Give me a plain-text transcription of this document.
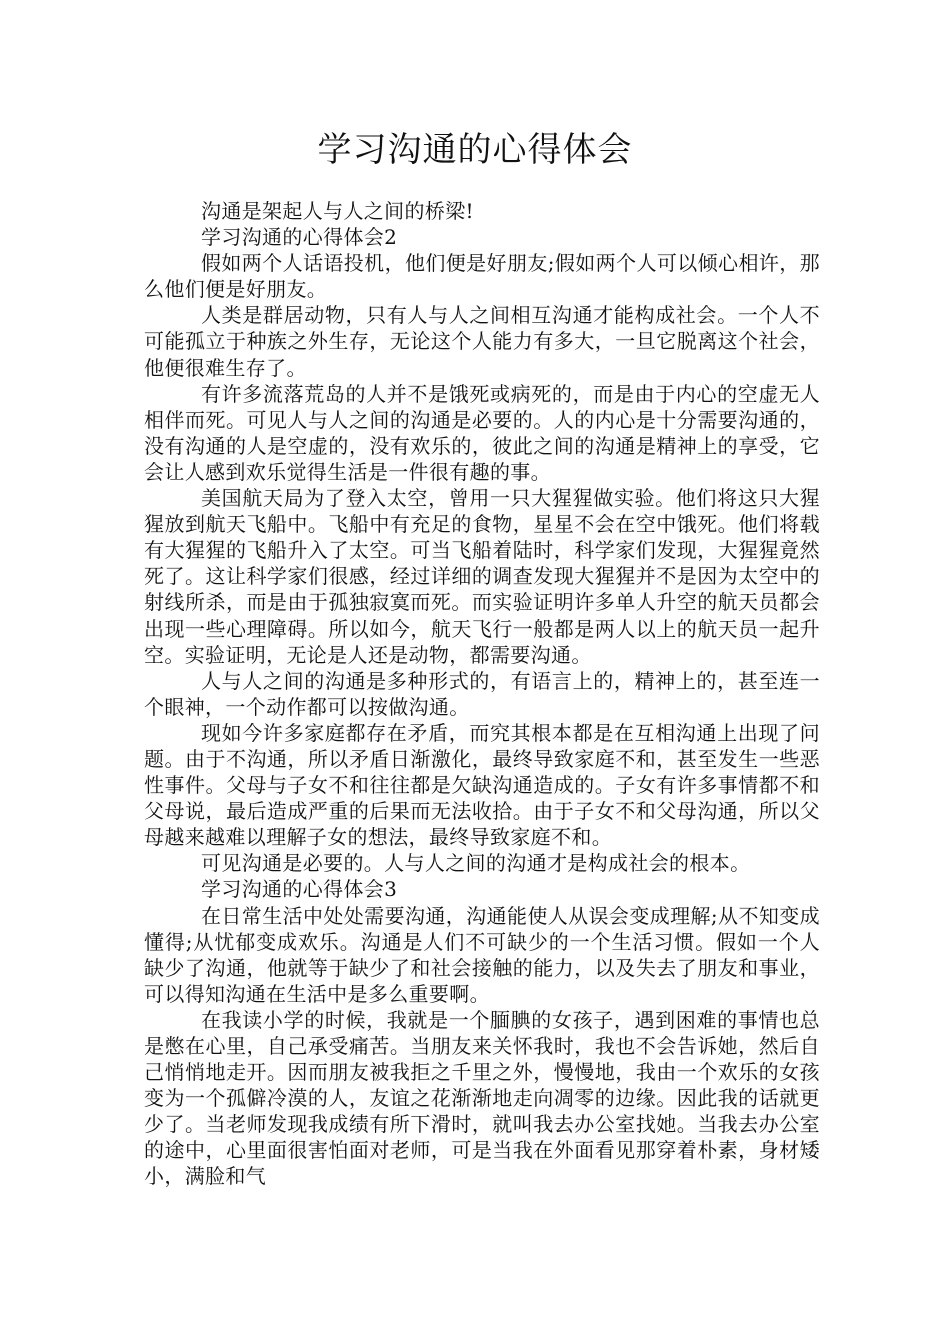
学习沟通的心得体会

沟通是架起人与人之间的桥梁!

学习沟通的心得体会2

假如两个人话语投机，他们便是好朋友;假如两个人可以倾心相许，那么他们便是好朋友。

人类是群居动物，只有人与人之间相互沟通才能构成社会。一个人不可能孤立于种族之外生存，无论这个人能力有多大，一旦它脱离这个社会，他便很难生存了。

有许多流落荒岛的人并不是饿死或病死的，而是由于内心的空虚无人相伴而死。可见人与人之间的沟通是必要的。人的内心是十分需要沟通的，没有沟通的人是空虚的，没有欢乐的，彼此之间的沟通是精神上的享受，它会让人感到欢乐觉得生活是一件很有趣的事。

美国航天局为了登入太空，曾用一只大猩猩做实验。他们将这只大猩猩放到航天飞船中。飞船中有充足的食物，星星不会在空中饿死。他们将载有大猩猩的飞船升入了太空。可当飞船着陆时，科学家们发现，大猩猩竟然死了。这让科学家们很感，经过详细的调查发现大猩猩并不是因为太空中的射线所杀，而是由于孤独寂寞而死。而实验证明许多单人升空的航天员都会出现一些心理障碍。所以如今，航天飞行一般都是两人以上的航天员一起升空。实验证明，无论是人还是动物，都需要沟通。

人与人之间的沟通是多种形式的，有语言上的，精神上的，甚至连一个眼神，一个动作都可以按做沟通。

现如今许多家庭都存在矛盾，而究其根本都是在互相沟通上出现了问题。由于不沟通，所以矛盾日渐激化，最终导致家庭不和，甚至发生一些恶性事件。父母与子女不和往往都是欠缺沟通造成的。子女有许多事情都不和父母说，最后造成严重的后果而无法收拾。由于子女不和父母沟通，所以父母越来越难以理解子女的想法，最终导致家庭不和。

可见沟通是必要的。人与人之间的沟通才是构成社会的根本。

学习沟通的心得体会3

在日常生活中处处需要沟通，沟通能使人从误会变成理解;从不知变成懂得;从忧郁变成欢乐。沟通是人们不可缺少的一个生活习惯。假如一个人缺少了沟通，他就等于缺少了和社会接触的能力，以及失去了朋友和事业，可以得知沟通在生活中是多么重要啊。

在我读小学的时候，我就是一个腼腆的女孩子，遇到困难的事情也总是憋在心里，自己承受痛苦。当朋友来关怀我时，我也不会告诉她，然后自己悄悄地走开。因而朋友被我拒之千里之外，慢慢地，我由一个欢乐的女孩变为一个孤僻冷漠的人，友谊之花渐渐地走向凋零的边缘。因此我的话就更少了。当老师发现我成绩有所下滑时，就叫我去办公室找她。当我去办公室的途中，心里面很害怕面对老师，可是当我在外面看见那穿着朴素，身材矮小，满脸和气
